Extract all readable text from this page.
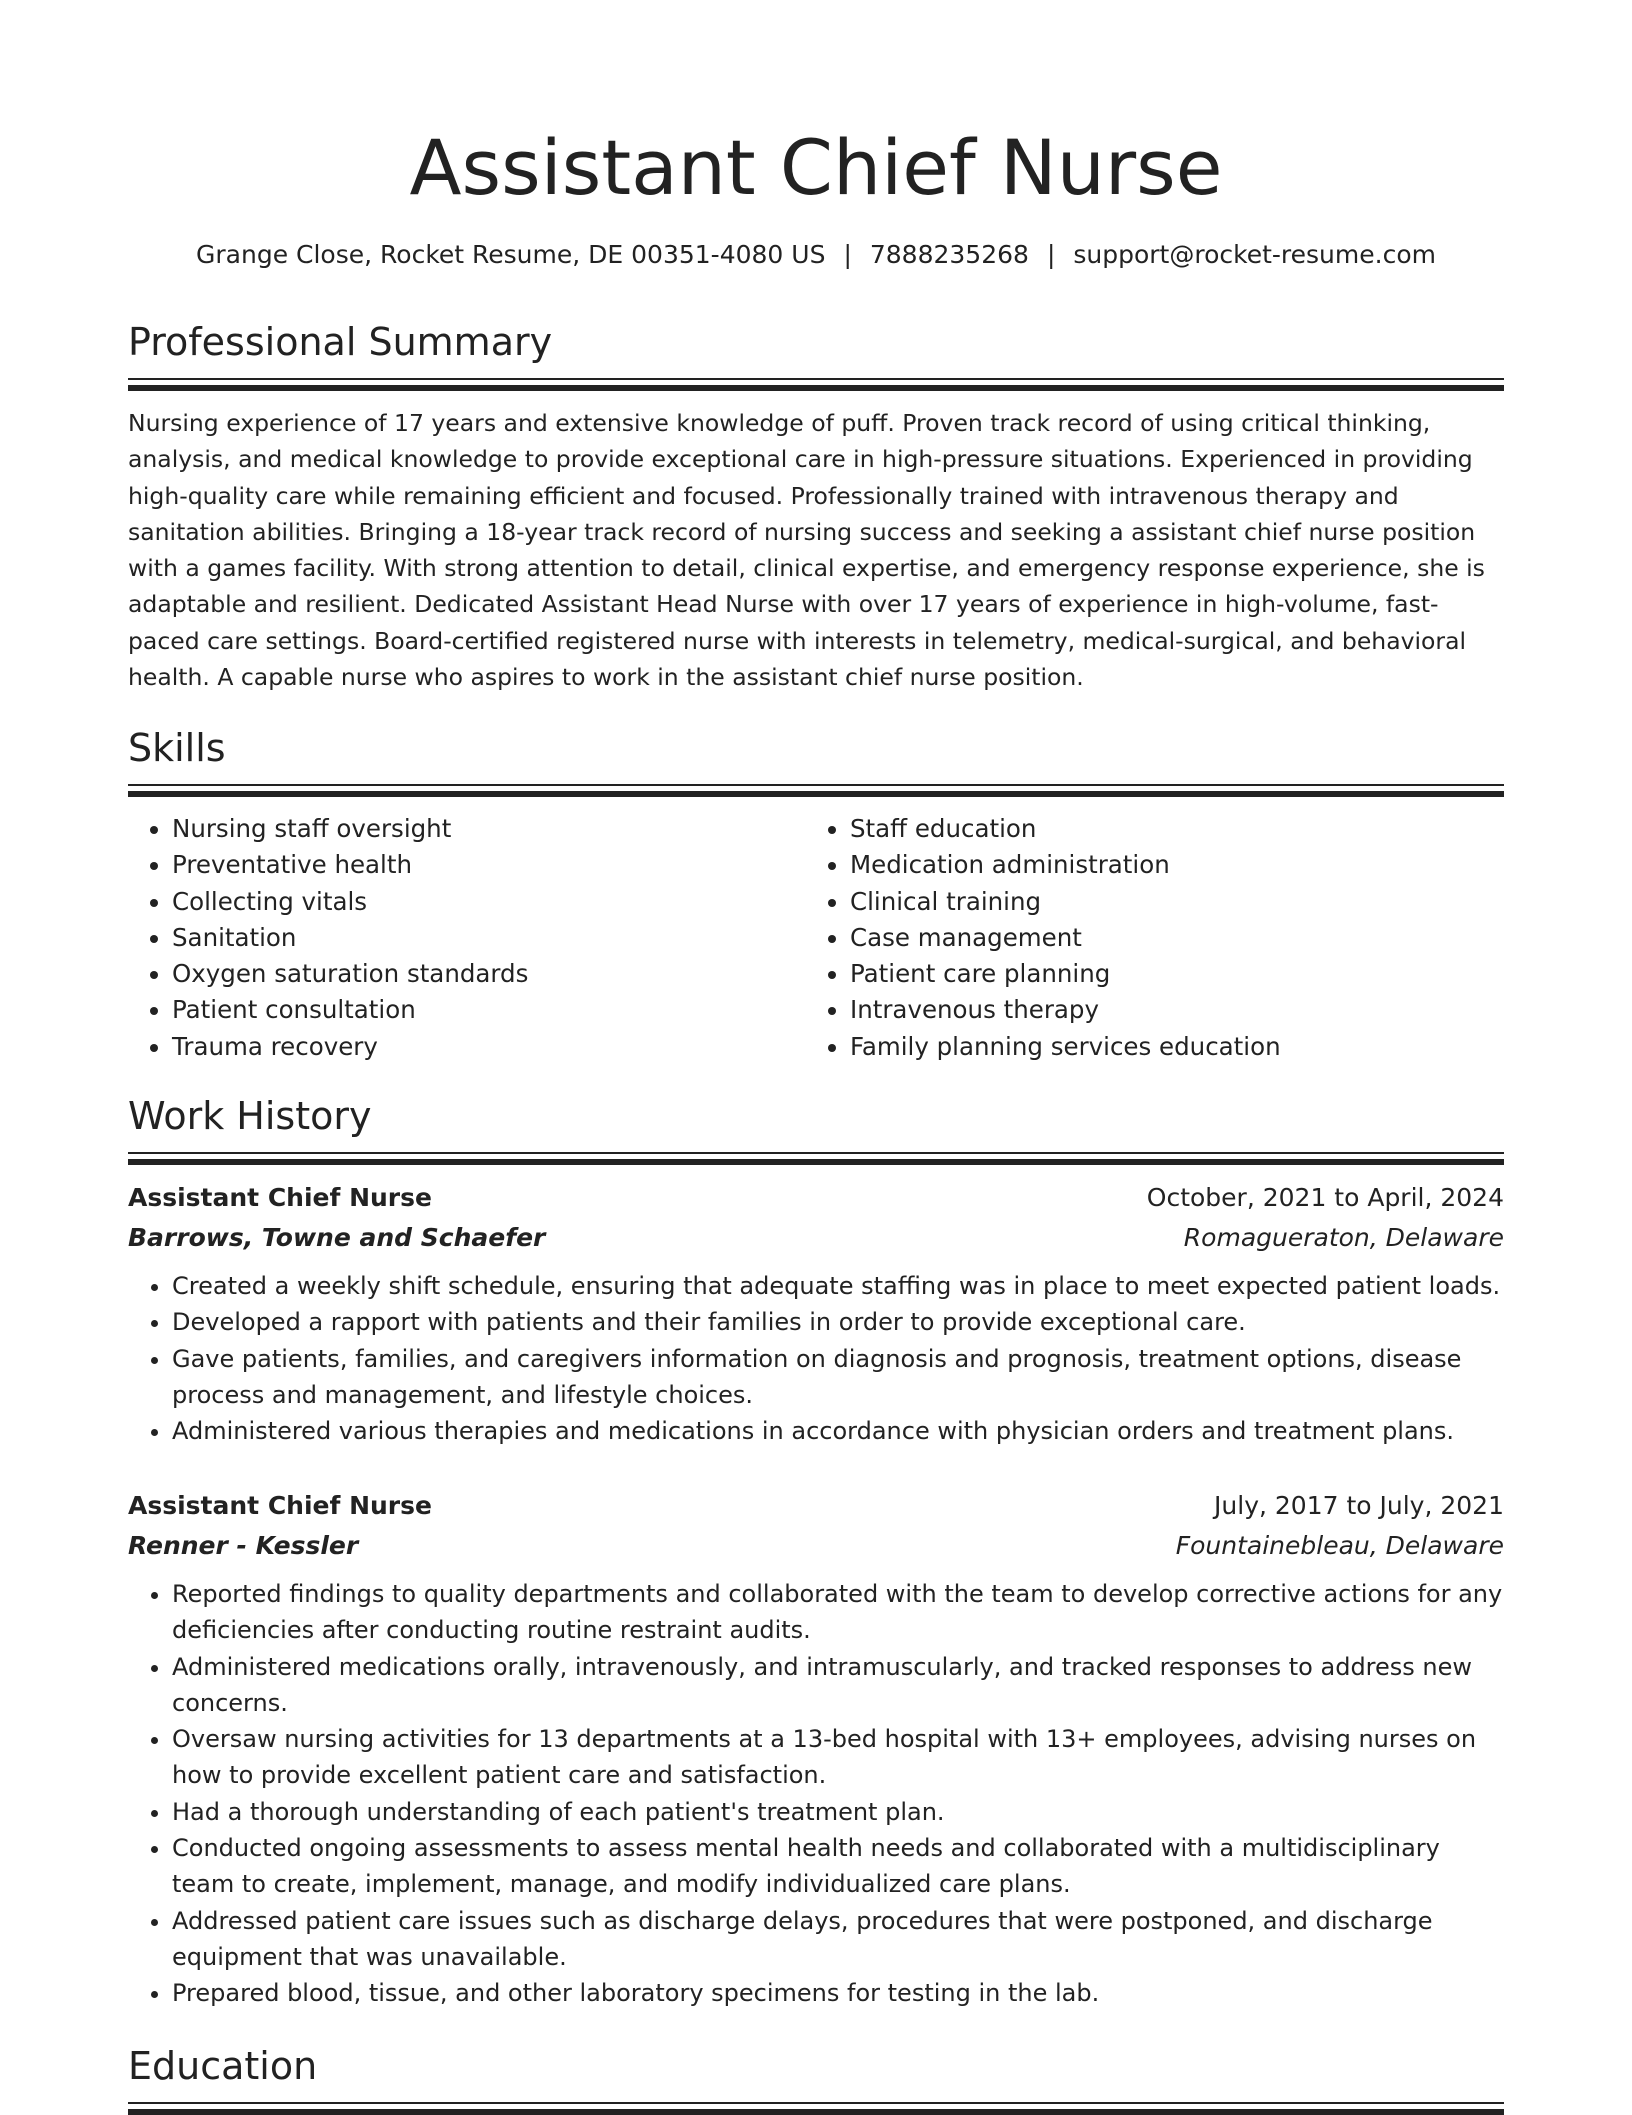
Assistant Chief Nurse
Grange Close, Rocket Resume, DE 00351-4080 US | 7888235268 | support@rocket-resume.com
Professional Summary

Nursing experience of 17 years and extensive knowledge of puff. Proven track record of using critical thinking, analysis, and medical knowledge to provide exceptional care in high-pressure situations. Experienced in providing high-quality care while remaining efficient and focused. Professionally trained with intravenous therapy and sanitation abilities. Bringing a 18-year track record of nursing success and seeking a assistant chief nurse position with a games facility. With strong attention to detail, clinical expertise, and emergency response experience, she is adaptable and resilient. Dedicated Assistant Head Nurse with over 17 years of experience in high-volume, fast-paced care settings. Board-certified registered nurse with interests in telemetry, medical-surgical, and behavioral health. A capable nurse who aspires to work in the assistant chief nurse position.

Skills
• Nursing staff oversight
• Preventative health
• Collecting vitals
• Sanitation
• Oxygen saturation standards
• Patient consultation
• Trauma recovery
• Staff education
• Medication administration
• Clinical training
• Case management
• Patient care planning
• Intravenous therapy
• Family planning services education
Work History
Assistant Chief Nurse	October, 2021 to April, 2024
Barrows, Towne and Schaefer	Romagueraton, Delaware
• Created a weekly shift schedule, ensuring that adequate staffing was in place to meet expected patient loads.
• Developed a rapport with patients and their families in order to provide exceptional care.
• Gave patients, families, and caregivers information on diagnosis and prognosis, treatment options, disease process and management, and lifestyle choices.
• Administered various therapies and medications in accordance with physician orders and treatment plans.
Assistant Chief Nurse	July, 2017 to July, 2021
Renner - Kessler	Fountainebleau, Delaware
• Reported findings to quality departments and collaborated with the team to develop corrective actions for any deficiencies after conducting routine restraint audits.
• Administered medications orally, intravenously, and intramuscularly, and tracked responses to address new concerns.
• Oversaw nursing activities for 13 departments at a 13-bed hospital with 13+ employees, advising nurses on how to provide excellent patient care and satisfaction.
• Had a thorough understanding of each patient's treatment plan.
• Conducted ongoing assessments to assess mental health needs and collaborated with a multidisciplinary team to create, implement, manage, and modify individualized care plans.
• Addressed patient care issues such as discharge delays, procedures that were postponed, and discharge equipment that was unavailable.
• Prepared blood, tissue, and other laboratory specimens for testing in the lab.
Education
